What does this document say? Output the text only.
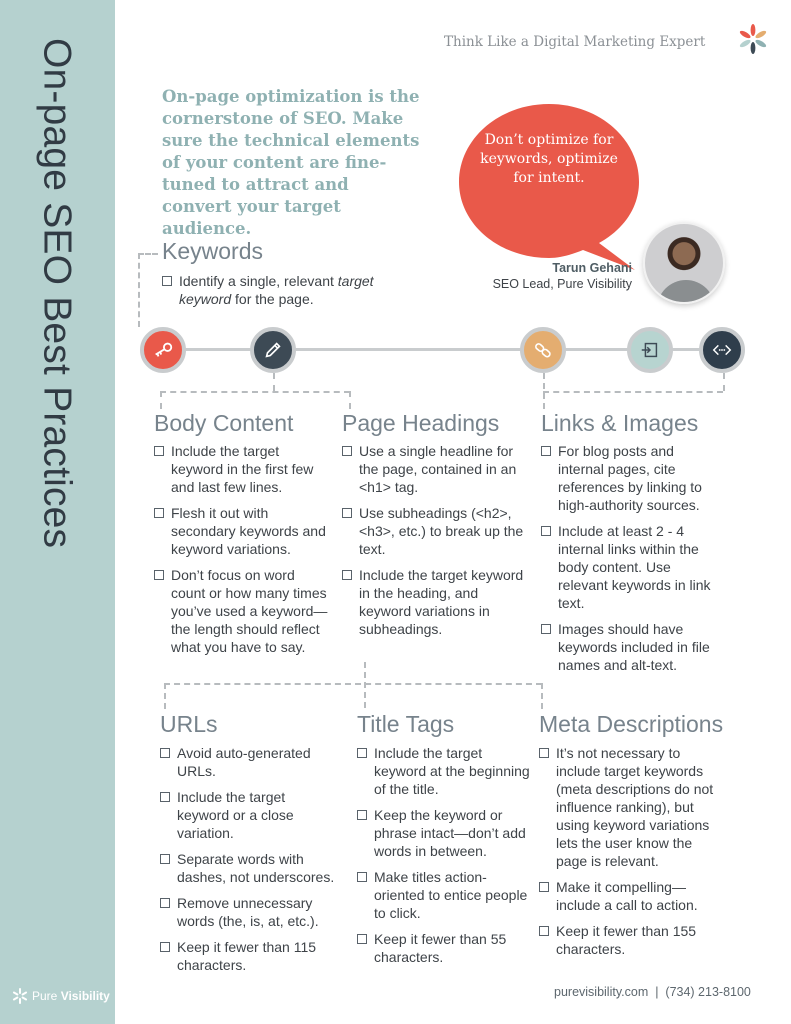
On-page SEO Best Practices
Pure Visibility
Think Like a Digital Marketing Expert
On-page optimization is the cornerstone of SEO. Make sure the technical elements of your content are fine-tuned to attract and convert your target audience.
Don’t optimize for keywords, optimize for intent.
Tarun Gehani
SEO Lead, Pure Visibility
Keywords
Identify a single, relevant target keyword for the page.
Body Content
Include the target keyword in the first few and last few lines.
Flesh it out with secondary keywords and keyword variations.
Don’t focus on word count or how many times you’ve used a keyword—the length should reflect what you have to say.
Page Headings
Use a single headline for the page, contained in an <h1> tag.
Use subheadings (<h2>, <h3>, etc.) to break up the text.
Include the target keyword in the heading, and keyword variations in subheadings.
Links & Images
For blog posts and internal pages, cite references by linking to high-authority sources.
Include at least 2 - 4 internal links within the body content. Use relevant keywords in link text.
Images should have keywords included in file names and alt-text.
URLs
Avoid auto-generated URLs.
Include the target keyword or a close variation.
Separate words with dashes, not underscores.
Remove unnecessary words (the, is, at, etc.).
Keep it fewer than 115 characters.
Title Tags
Include the target keyword at the beginning of the title.
Keep the keyword or phrase intact—don’t add words in between.
Make titles action-oriented to entice people to click.
Keep it fewer than 55 characters.
Meta Descriptions
It’s not necessary to include target keywords (meta descriptions do not influence ranking), but using keyword variations lets the user know the page is relevant.
Make it compelling—include a call to action.
Keep it fewer than 155 characters.
purevisibility.com | (734) 213-8100
